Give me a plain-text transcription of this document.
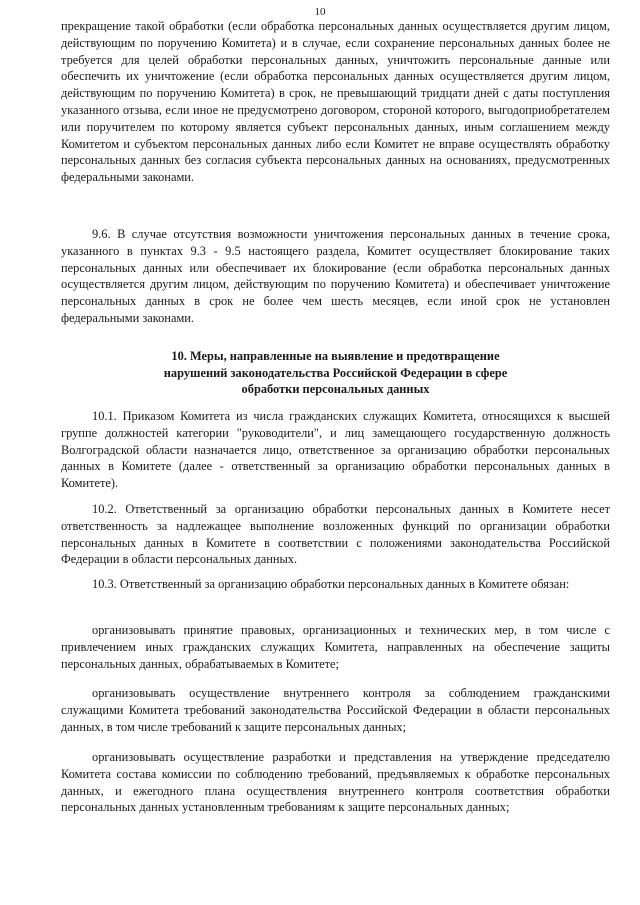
10

прекращение такой обработки (если обработка персональных данных осуществляется другим лицом, действующим по поручению Комитета) и в случае, если сохранение персональных данных более не требуется для целей обработки персональных данных, уничтожить персональные данные или обеспечить их уничтожение (если обработка персональных данных осуществляется другим лицом, действующим по поручению Комитета) в срок, не превышающий тридцати дней с даты поступления указанного отзыва, если иное не предусмотрено договором, стороной которого, выгодоприобретателем или поручителем по которому является субъект персональных данных, иным соглашением между Комитетом и субъектом персональных данных либо если Комитет не вправе осуществлять обработку персональных данных без согласия субъекта персональных данных на основаниях, предусмотренных федеральными законами.

9.6. В случае отсутствия возможности уничтожения персональных данных в течение срока, указанного в пунктах 9.3 - 9.5 настоящего раздела, Комитет осуществляет блокирование таких персональных данных или обеспечивает их блокирование (если обработка персональных данных осуществляется другим лицом, действующим по поручению Комитета) и обеспечивает уничтожение персональных данных в срок не более чем шесть месяцев, если иной срок не установлен федеральными законами.

10. Меры, направленные на выявление и предотвращение
нарушений законодательства Российской Федерации в сфере
обработки персональных данных

10.1. Приказом Комитета из числа гражданских служащих Комитета, относящихся к высшей группе должностей категории "руководители", и лиц замещающего государственную должность Волгоградской области назначается лицо, ответственное за организацию обработки персональных данных в Комитете (далее - ответственный за организацию обработки персональных данных в Комитете).

10.2. Ответственный за организацию обработки персональных данных в Комитете несет ответственность за надлежащее выполнение возложенных функций по организации обработки персональных данных в Комитете в соответствии с положениями законодательства Российской Федерации в области персональных данных.

10.3. Ответственный за организацию обработки персональных данных в Комитете обязан:

организовывать принятие правовых, организационных и технических мер, в том числе с привлечением иных гражданских служащих Комитета, направленных на обеспечение защиты персональных данных, обрабатываемых в Комитете;

организовывать осуществление внутреннего контроля за соблюдением гражданскими служащими Комитета требований законодательства Российской Федерации в области персональных данных, в том числе требований к защите персональных данных;

организовывать осуществление разработки и представления на утверждение председателю Комитета состава комиссии по соблюдению требований, предъявляемых к обработке персональных данных, и ежегодного плана осуществления внутреннего контроля соответствия обработки персональных данных установленным требованиям к защите персональных данных;
